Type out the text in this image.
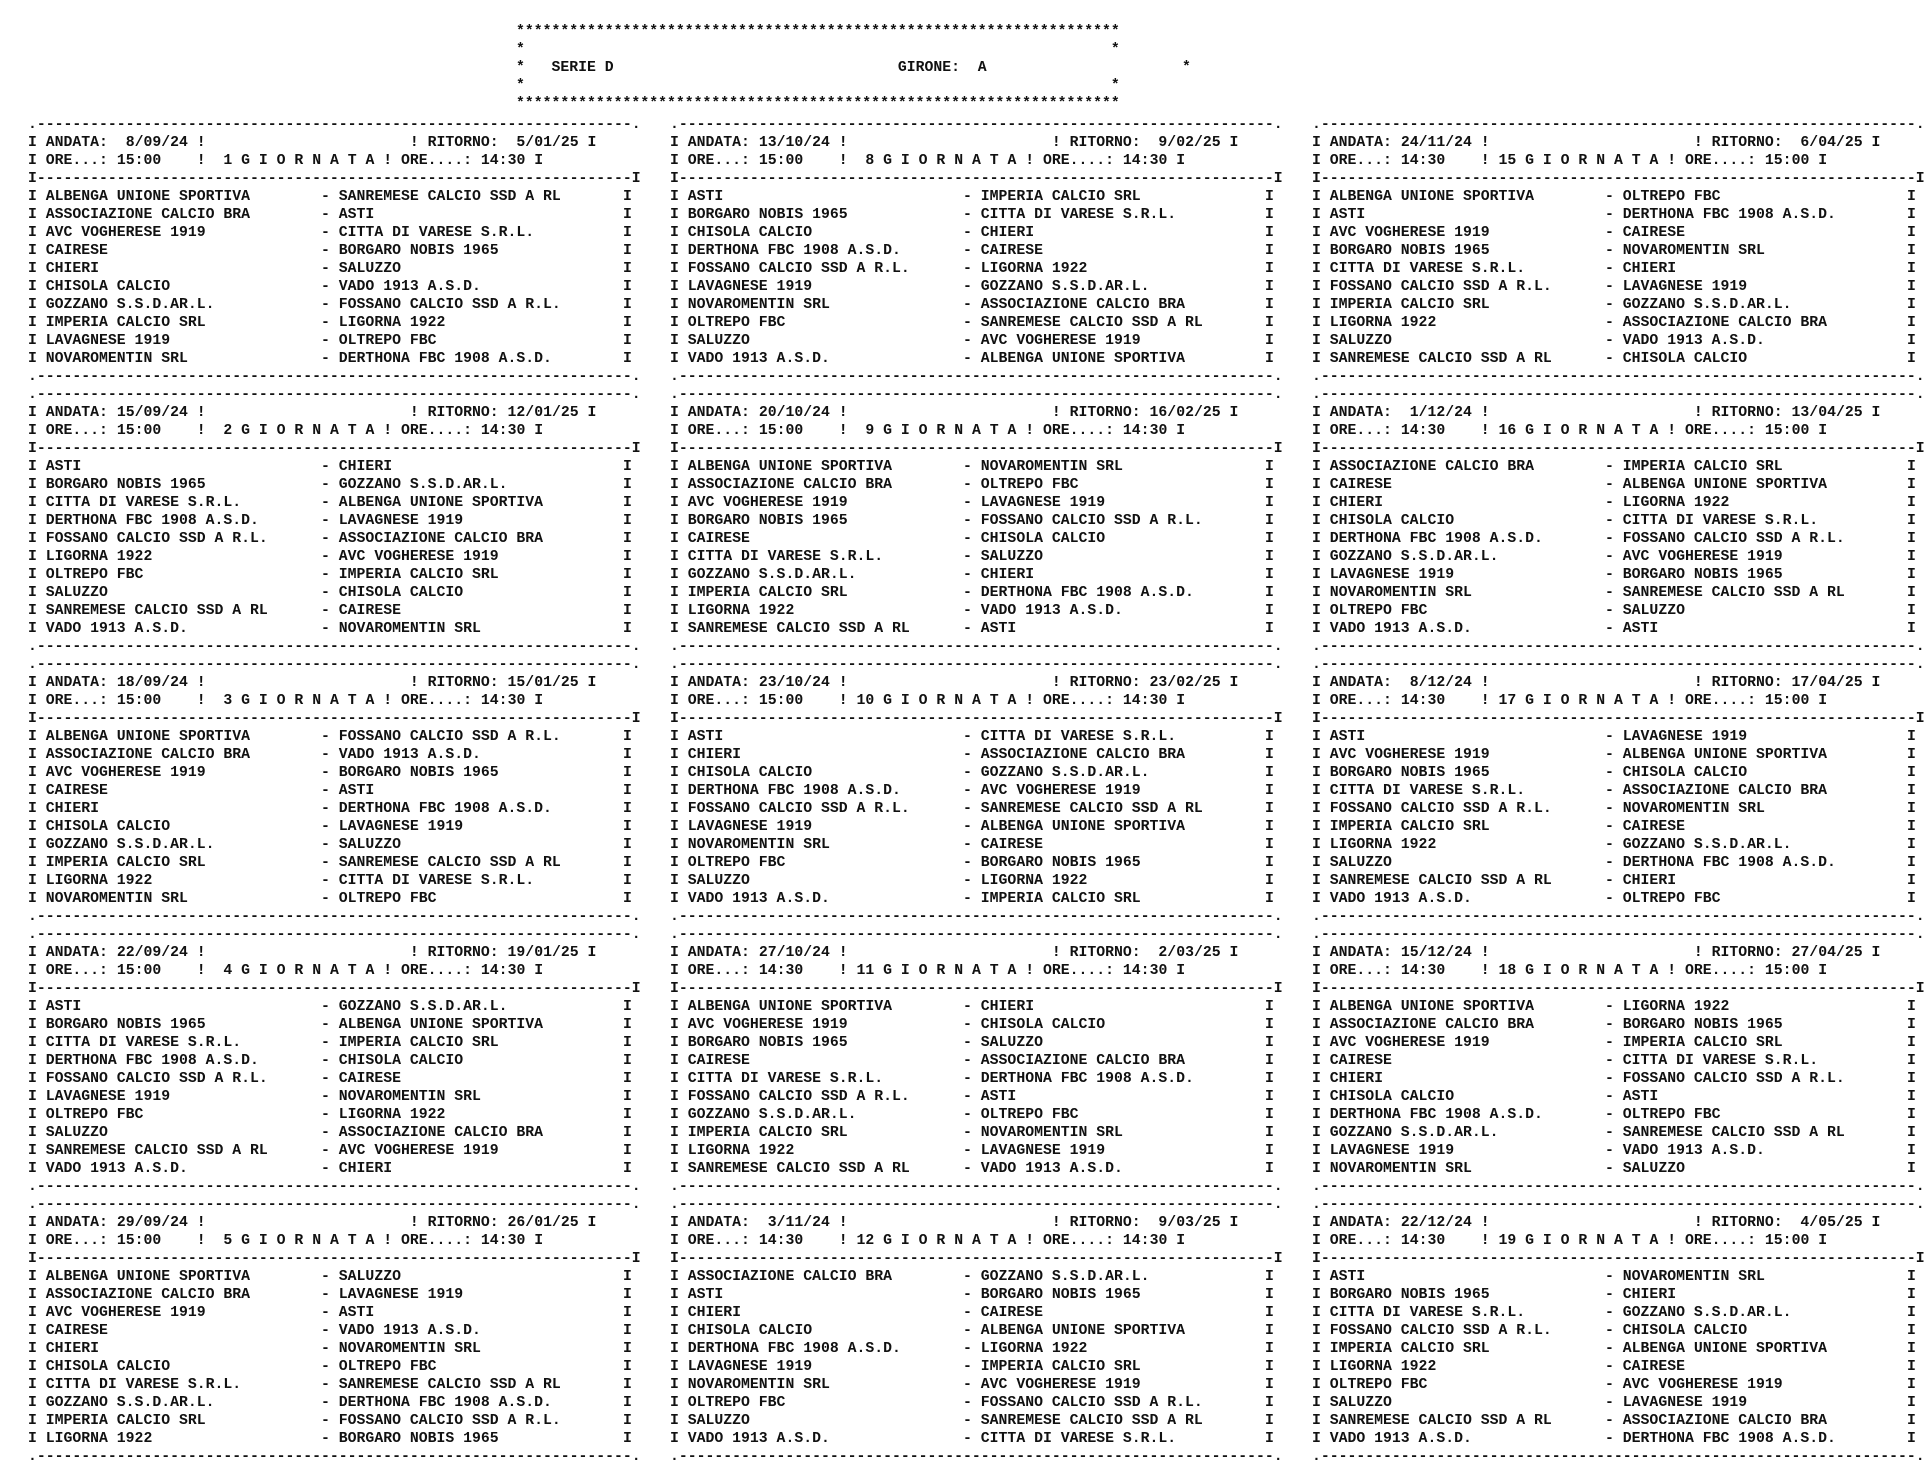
********************************************************************
*                                                                  *
*   SERIE D	GIRONE: A                      *
*                                                                  *
********************************************************************
.-------------------------------------------------------------------.
I ANDATA:  8/09/24 !                       ! RITORNO:  5/01/25 I
I ORE...: 15:00    !  1 G I O R N A T A ! ORE....: 14:30 I
I-------------------------------------------------------------------I
I ALBENGA UNIONE SPORTIVA        - SANREMESE CALCIO SSD A RL       I
I ASSOCIAZIONE CALCIO BRA        - ASTI                            I
I AVC VOGHERESE 1919             - CITTA DI VARESE S.R.L.          I
I CAIRESE                        - BORGARO NOBIS 1965              I
I CHIERI                         - SALUZZO                         I
I CHISOLA CALCIO                 - VADO 1913 A.S.D.                I
I GOZZANO S.S.D.AR.L.            - FOSSANO CALCIO SSD A R.L.       I
I IMPERIA CALCIO SRL             - LIGORNA 1922                    I
I LAVAGNESE 1919                 - OLTREPO FBC                     I
I NOVAROMENTIN SRL               - DERTHONA FBC 1908 A.S.D.        I
.-------------------------------------------------------------------.
.-------------------------------------------------------------------.
I ANDATA: 15/09/24 !                       ! RITORNO: 12/01/25 I
I ORE...: 15:00    !  2 G I O R N A T A ! ORE....: 14:30 I
I-------------------------------------------------------------------I
I ASTI                           - CHIERI                          I
I BORGARO NOBIS 1965             - GOZZANO S.S.D.AR.L.             I
I CITTA DI VARESE S.R.L.         - ALBENGA UNIONE SPORTIVA         I
I DERTHONA FBC 1908 A.S.D.       - LAVAGNESE 1919                  I
I FOSSANO CALCIO SSD A R.L.      - ASSOCIAZIONE CALCIO BRA         I
I LIGORNA 1922                   - AVC VOGHERESE 1919              I
I OLTREPO FBC                    - IMPERIA CALCIO SRL              I
I SALUZZO                        - CHISOLA CALCIO                  I
I SANREMESE CALCIO SSD A RL      - CAIRESE                         I
I VADO 1913 A.S.D.               - NOVAROMENTIN SRL                I
.-------------------------------------------------------------------.
.-------------------------------------------------------------------.
I ANDATA: 18/09/24 !                       ! RITORNO: 15/01/25 I
I ORE...: 15:00    !  3 G I O R N A T A ! ORE....: 14:30 I
I-------------------------------------------------------------------I
I ALBENGA UNIONE SPORTIVA        - FOSSANO CALCIO SSD A R.L.       I
I ASSOCIAZIONE CALCIO BRA        - VADO 1913 A.S.D.                I
I AVC VOGHERESE 1919             - BORGARO NOBIS 1965              I
I CAIRESE                        - ASTI                            I
I CHIERI                         - DERTHONA FBC 1908 A.S.D.        I
I CHISOLA CALCIO                 - LAVAGNESE 1919                  I
I GOZZANO S.S.D.AR.L.            - SALUZZO                         I
I IMPERIA CALCIO SRL             - SANREMESE CALCIO SSD A RL       I
I LIGORNA 1922                   - CITTA DI VARESE S.R.L.          I
I NOVAROMENTIN SRL               - OLTREPO FBC                     I
.-------------------------------------------------------------------.
.-------------------------------------------------------------------.
I ANDATA: 22/09/24 !                       ! RITORNO: 19/01/25 I
I ORE...: 15:00    !  4 G I O R N A T A ! ORE....: 14:30 I
I-------------------------------------------------------------------I
I ASTI                           - GOZZANO S.S.D.AR.L.             I
I BORGARO NOBIS 1965             - ALBENGA UNIONE SPORTIVA         I
I CITTA DI VARESE S.R.L.         - IMPERIA CALCIO SRL              I
I DERTHONA FBC 1908 A.S.D.       - CHISOLA CALCIO                  I
I FOSSANO CALCIO SSD A R.L.      - CAIRESE                         I
I LAVAGNESE 1919                 - NOVAROMENTIN SRL                I
I OLTREPO FBC                    - LIGORNA 1922                    I
I SALUZZO                        - ASSOCIAZIONE CALCIO BRA         I
I SANREMESE CALCIO SSD A RL      - AVC VOGHERESE 1919              I
I VADO 1913 A.S.D.               - CHIERI                          I
.-------------------------------------------------------------------.
.-------------------------------------------------------------------.
I ANDATA: 29/09/24 !                       ! RITORNO: 26/01/25 I
I ORE...: 15:00    !  5 G I O R N A T A ! ORE....: 14:30 I
I-------------------------------------------------------------------I
I ALBENGA UNIONE SPORTIVA        - SALUZZO                         I
I ASSOCIAZIONE CALCIO BRA        - LAVAGNESE 1919                  I
I AVC VOGHERESE 1919             - ASTI                            I
I CAIRESE                        - VADO 1913 A.S.D.                I
I CHIERI                         - NOVAROMENTIN SRL                I
I CHISOLA CALCIO                 - OLTREPO FBC                     I
I CITTA DI VARESE S.R.L.         - SANREMESE CALCIO SSD A RL       I
I GOZZANO S.S.D.AR.L.            - DERTHONA FBC 1908 A.S.D.        I
I IMPERIA CALCIO SRL             - FOSSANO CALCIO SSD A R.L.       I
I LIGORNA 1922                   - BORGARO NOBIS 1965              I
.-------------------------------------------------------------------.
.-------------------------------------------------------------------.
I ANDATA: 13/10/24 !                       ! RITORNO:  9/02/25 I
I ORE...: 15:00    !  8 G I O R N A T A ! ORE....: 14:30 I
I-------------------------------------------------------------------I
I ASTI                           - IMPERIA CALCIO SRL              I
I BORGARO NOBIS 1965             - CITTA DI VARESE S.R.L.          I
I CHISOLA CALCIO                 - CHIERI                          I
I DERTHONA FBC 1908 A.S.D.       - CAIRESE                         I
I FOSSANO CALCIO SSD A R.L.      - LIGORNA 1922                    I
I LAVAGNESE 1919                 - GOZZANO S.S.D.AR.L.             I
I NOVAROMENTIN SRL               - ASSOCIAZIONE CALCIO BRA         I
I OLTREPO FBC                    - SANREMESE CALCIO SSD A RL       I
I SALUZZO                        - AVC VOGHERESE 1919              I
I VADO 1913 A.S.D.               - ALBENGA UNIONE SPORTIVA         I
.-------------------------------------------------------------------.
.-------------------------------------------------------------------.
I ANDATA: 20/10/24 !                       ! RITORNO: 16/02/25 I
I ORE...: 15:00    !  9 G I O R N A T A ! ORE....: 14:30 I
I-------------------------------------------------------------------I
I ALBENGA UNIONE SPORTIVA        - NOVAROMENTIN SRL                I
I ASSOCIAZIONE CALCIO BRA        - OLTREPO FBC                     I
I AVC VOGHERESE 1919             - LAVAGNESE 1919                  I
I BORGARO NOBIS 1965             - FOSSANO CALCIO SSD A R.L.       I
I CAIRESE                        - CHISOLA CALCIO                  I
I CITTA DI VARESE S.R.L.         - SALUZZO                         I
I GOZZANO S.S.D.AR.L.            - CHIERI                          I
I IMPERIA CALCIO SRL             - DERTHONA FBC 1908 A.S.D.        I
I LIGORNA 1922                   - VADO 1913 A.S.D.                I
I SANREMESE CALCIO SSD A RL      - ASTI                            I
.-------------------------------------------------------------------.
.-------------------------------------------------------------------.
I ANDATA: 23/10/24 !                       ! RITORNO: 23/02/25 I
I ORE...: 15:00    ! 10 G I O R N A T A ! ORE....: 14:30 I
I-------------------------------------------------------------------I
I ASTI                           - CITTA DI VARESE S.R.L.          I
I CHIERI                         - ASSOCIAZIONE CALCIO BRA         I
I CHISOLA CALCIO                 - GOZZANO S.S.D.AR.L.             I
I DERTHONA FBC 1908 A.S.D.       - AVC VOGHERESE 1919              I
I FOSSANO CALCIO SSD A R.L.      - SANREMESE CALCIO SSD A RL       I
I LAVAGNESE 1919                 - ALBENGA UNIONE SPORTIVA         I
I NOVAROMENTIN SRL               - CAIRESE                         I
I OLTREPO FBC                    - BORGARO NOBIS 1965              I
I SALUZZO                        - LIGORNA 1922                    I
I VADO 1913 A.S.D.               - IMPERIA CALCIO SRL              I
.-------------------------------------------------------------------.
.-------------------------------------------------------------------.
I ANDATA: 27/10/24 !                       ! RITORNO:  2/03/25 I
I ORE...: 14:30    ! 11 G I O R N A T A ! ORE....: 14:30 I
I-------------------------------------------------------------------I
I ALBENGA UNIONE SPORTIVA        - CHIERI                          I
I AVC VOGHERESE 1919             - CHISOLA CALCIO                  I
I BORGARO NOBIS 1965             - SALUZZO                         I
I CAIRESE                        - ASSOCIAZIONE CALCIO BRA         I
I CITTA DI VARESE S.R.L.         - DERTHONA FBC 1908 A.S.D.        I
I FOSSANO CALCIO SSD A R.L.      - ASTI                            I
I GOZZANO S.S.D.AR.L.            - OLTREPO FBC                     I
I IMPERIA CALCIO SRL             - NOVAROMENTIN SRL                I
I LIGORNA 1922                   - LAVAGNESE 1919                  I
I SANREMESE CALCIO SSD A RL      - VADO 1913 A.S.D.                I
.-------------------------------------------------------------------.
.-------------------------------------------------------------------.
I ANDATA:  3/11/24 !                       ! RITORNO:  9/03/25 I
I ORE...: 14:30    ! 12 G I O R N A T A ! ORE....: 14:30 I
I-------------------------------------------------------------------I
I ASSOCIAZIONE CALCIO BRA        - GOZZANO S.S.D.AR.L.             I
I ASTI                           - BORGARO NOBIS 1965              I
I CHIERI                         - CAIRESE                         I
I CHISOLA CALCIO                 - ALBENGA UNIONE SPORTIVA         I
I DERTHONA FBC 1908 A.S.D.       - LIGORNA 1922                    I
I LAVAGNESE 1919                 - IMPERIA CALCIO SRL              I
I NOVAROMENTIN SRL               - AVC VOGHERESE 1919              I
I OLTREPO FBC                    - FOSSANO CALCIO SSD A R.L.       I
I SALUZZO                        - SANREMESE CALCIO SSD A RL       I
I VADO 1913 A.S.D.               - CITTA DI VARESE S.R.L.          I
.-------------------------------------------------------------------.
.-------------------------------------------------------------------.
I ANDATA: 24/11/24 !                       ! RITORNO:  6/04/25 I
I ORE...: 14:30    ! 15 G I O R N A T A ! ORE....: 15:00 I
I-------------------------------------------------------------------I
I ALBENGA UNIONE SPORTIVA        - OLTREPO FBC                     I
I ASTI                           - DERTHONA FBC 1908 A.S.D.        I
I AVC VOGHERESE 1919             - CAIRESE                         I
I BORGARO NOBIS 1965             - NOVAROMENTIN SRL                I
I CITTA DI VARESE S.R.L.         - CHIERI                          I
I FOSSANO CALCIO SSD A R.L.      - LAVAGNESE 1919                  I
I IMPERIA CALCIO SRL             - GOZZANO S.S.D.AR.L.             I
I LIGORNA 1922                   - ASSOCIAZIONE CALCIO BRA         I
I SALUZZO                        - VADO 1913 A.S.D.                I
I SANREMESE CALCIO SSD A RL      - CHISOLA CALCIO                  I
.-------------------------------------------------------------------.
.-------------------------------------------------------------------.
I ANDATA:  1/12/24 !                       ! RITORNO: 13/04/25 I
I ORE...: 14:30    ! 16 G I O R N A T A ! ORE....: 15:00 I
I-------------------------------------------------------------------I
I ASSOCIAZIONE CALCIO BRA        - IMPERIA CALCIO SRL              I
I CAIRESE                        - ALBENGA UNIONE SPORTIVA         I
I CHIERI                         - LIGORNA 1922                    I
I CHISOLA CALCIO                 - CITTA DI VARESE S.R.L.          I
I DERTHONA FBC 1908 A.S.D.       - FOSSANO CALCIO SSD A R.L.       I
I GOZZANO S.S.D.AR.L.            - AVC VOGHERESE 1919              I
I LAVAGNESE 1919                 - BORGARO NOBIS 1965              I
I NOVAROMENTIN SRL               - SANREMESE CALCIO SSD A RL       I
I OLTREPO FBC                    - SALUZZO                         I
I VADO 1913 A.S.D.               - ASTI                            I
.-------------------------------------------------------------------.
.-------------------------------------------------------------------.
I ANDATA:  8/12/24 !                       ! RITORNO: 17/04/25 I
I ORE...: 14:30    ! 17 G I O R N A T A ! ORE....: 15:00 I
I-------------------------------------------------------------------I
I ASTI                           - LAVAGNESE 1919                  I
I AVC VOGHERESE 1919             - ALBENGA UNIONE SPORTIVA         I
I BORGARO NOBIS 1965             - CHISOLA CALCIO                  I
I CITTA DI VARESE S.R.L.         - ASSOCIAZIONE CALCIO BRA         I
I FOSSANO CALCIO SSD A R.L.      - NOVAROMENTIN SRL                I
I IMPERIA CALCIO SRL             - CAIRESE                         I
I LIGORNA 1922                   - GOZZANO S.S.D.AR.L.             I
I SALUZZO                        - DERTHONA FBC 1908 A.S.D.        I
I SANREMESE CALCIO SSD A RL      - CHIERI                          I
I VADO 1913 A.S.D.               - OLTREPO FBC                     I
.-------------------------------------------------------------------.
.-------------------------------------------------------------------.
I ANDATA: 15/12/24 !                       ! RITORNO: 27/04/25 I
I ORE...: 14:30    ! 18 G I O R N A T A ! ORE....: 15:00 I
I-------------------------------------------------------------------I
I ALBENGA UNIONE SPORTIVA        - LIGORNA 1922                    I
I ASSOCIAZIONE CALCIO BRA        - BORGARO NOBIS 1965              I
I AVC VOGHERESE 1919             - IMPERIA CALCIO SRL              I
I CAIRESE                        - CITTA DI VARESE S.R.L.          I
I CHIERI                         - FOSSANO CALCIO SSD A R.L.       I
I CHISOLA CALCIO                 - ASTI                            I
I DERTHONA FBC 1908 A.S.D.       - OLTREPO FBC                     I
I GOZZANO S.S.D.AR.L.            - SANREMESE CALCIO SSD A RL       I
I LAVAGNESE 1919                 - VADO 1913 A.S.D.                I
I NOVAROMENTIN SRL               - SALUZZO                         I
.-------------------------------------------------------------------.
.-------------------------------------------------------------------.
I ANDATA: 22/12/24 !                       ! RITORNO:  4/05/25 I
I ORE...: 14:30    ! 19 G I O R N A T A ! ORE....: 15:00 I
I-------------------------------------------------------------------I
I ASTI                           - NOVAROMENTIN SRL                I
I BORGARO NOBIS 1965             - CHIERI                          I
I CITTA DI VARESE S.R.L.         - GOZZANO S.S.D.AR.L.             I
I FOSSANO CALCIO SSD A R.L.      - CHISOLA CALCIO                  I
I IMPERIA CALCIO SRL             - ALBENGA UNIONE SPORTIVA         I
I LIGORNA 1922                   - CAIRESE                         I
I OLTREPO FBC                    - AVC VOGHERESE 1919              I
I SALUZZO                        - LAVAGNESE 1919                  I
I SANREMESE CALCIO SSD A RL      - ASSOCIAZIONE CALCIO BRA         I
I VADO 1913 A.S.D.               - DERTHONA FBC 1908 A.S.D.        I
.-------------------------------------------------------------------.
